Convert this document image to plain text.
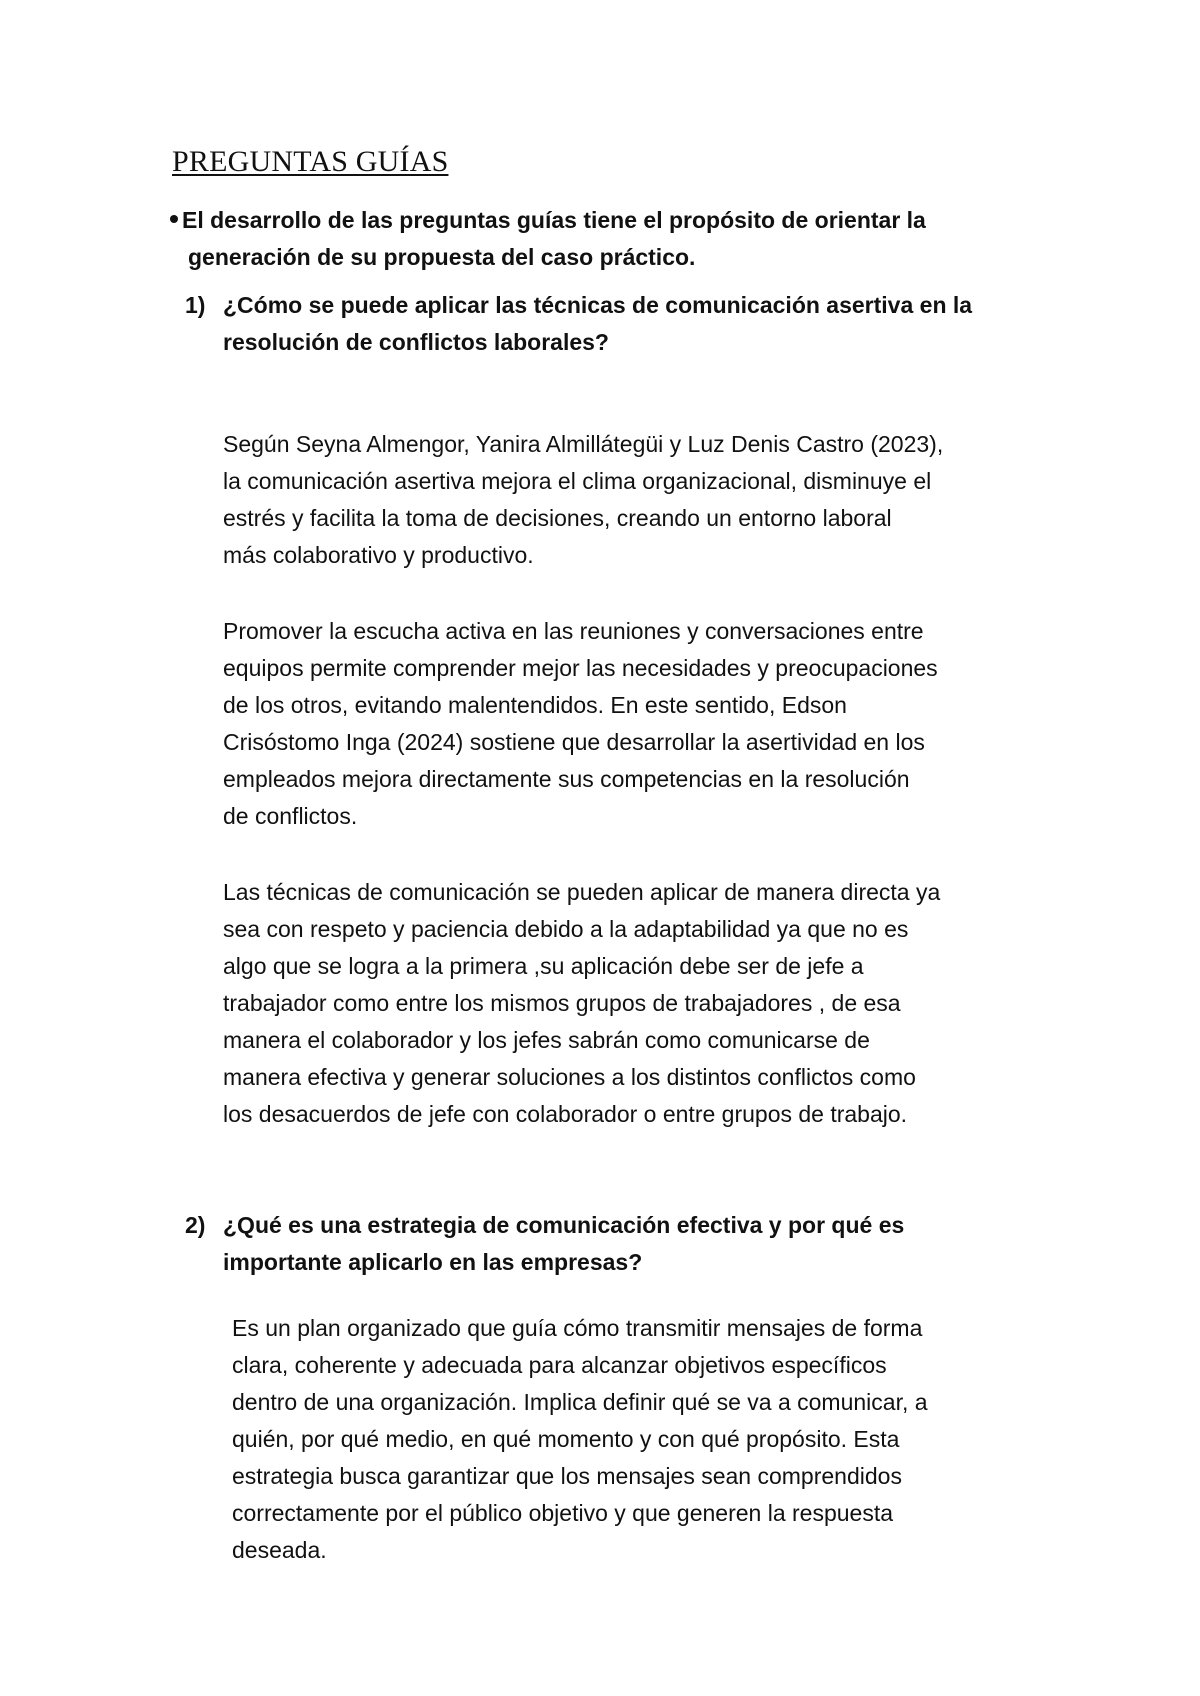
PREGUNTAS GUÍAS
El desarrollo de las preguntas guías tiene el propósito de orientar la
generación de su propuesta del caso práctico.
1) ¿Cómo se puede aplicar las técnicas de comunicación asertiva en la
resolución de conflictos laborales?
Según Seyna Almengor, Yanira Almillátegüi y Luz Denis Castro (2023),
la comunicación asertiva mejora el clima organizacional, disminuye el
estrés y facilita la toma de decisiones, creando un entorno laboral
más colaborativo y productivo.
Promover la escucha activa en las reuniones y conversaciones entre
equipos permite comprender mejor las necesidades y preocupaciones
de los otros, evitando malentendidos. En este sentido, Edson
Crisóstomo Inga (2024) sostiene que desarrollar la asertividad en los
empleados mejora directamente sus competencias en la resolución
de conflictos.
Las técnicas de comunicación se pueden aplicar de manera directa ya
sea con respeto y paciencia debido a la adaptabilidad ya que no es
algo que se logra a la primera ,su aplicación debe ser de jefe a
trabajador como entre los mismos grupos de trabajadores , de esa
manera el colaborador y los jefes sabrán como comunicarse de
manera efectiva y generar soluciones a los distintos conflictos como
los desacuerdos de jefe con colaborador o entre grupos de trabajo.
2) ¿Qué es una estrategia de comunicación efectiva y por qué es
importante aplicarlo en las empresas?
Es un plan organizado que guía cómo transmitir mensajes de forma
clara, coherente y adecuada para alcanzar objetivos específicos
dentro de una organización. Implica definir qué se va a comunicar, a
quién, por qué medio, en qué momento y con qué propósito. Esta
estrategia busca garantizar que los mensajes sean comprendidos
correctamente por el público objetivo y que generen la respuesta
deseada.
